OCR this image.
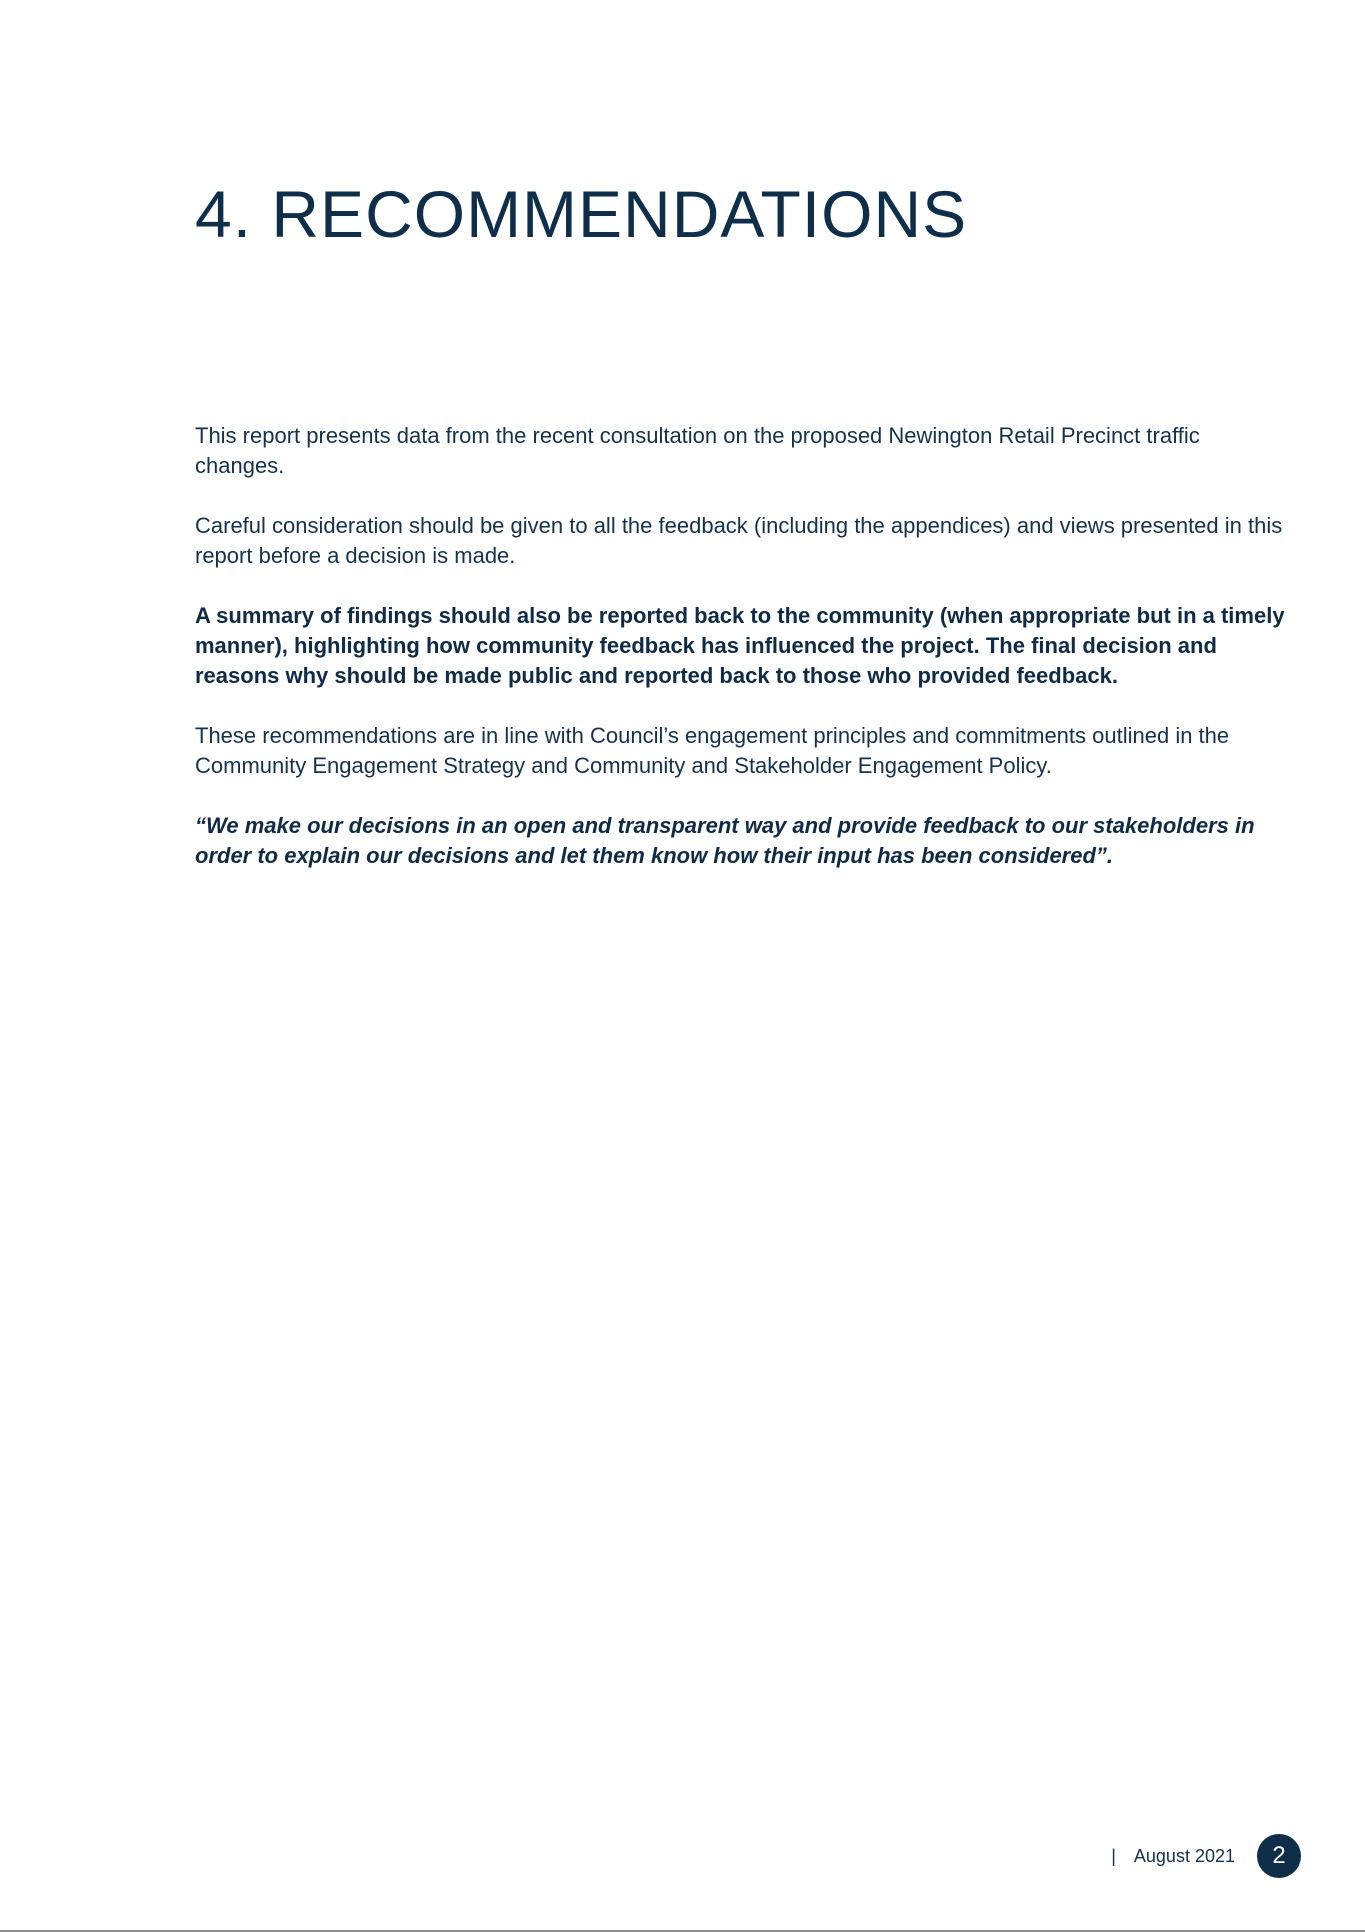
4. RECOMMENDATIONS

This report presents data from the recent consultation on the proposed Newington Retail Precinct traffic changes.

Careful consideration should be given to all the feedback (including the appendices) and views presented in this report before a decision is made.

A summary of findings should also be reported back to the community (when appropriate but in a timely manner), highlighting how community feedback has influenced the project. The final decision and reasons why should be made public and reported back to those who provided feedback.

These recommendations are in line with Council’s engagement principles and commitments outlined in the Community Engagement Strategy and Community and Stakeholder Engagement Policy.

“We make our decisions in an open and transparent way and provide feedback to our stakeholders in order to explain our decisions and let them know how their input has been considered”.

| August 2021	2
